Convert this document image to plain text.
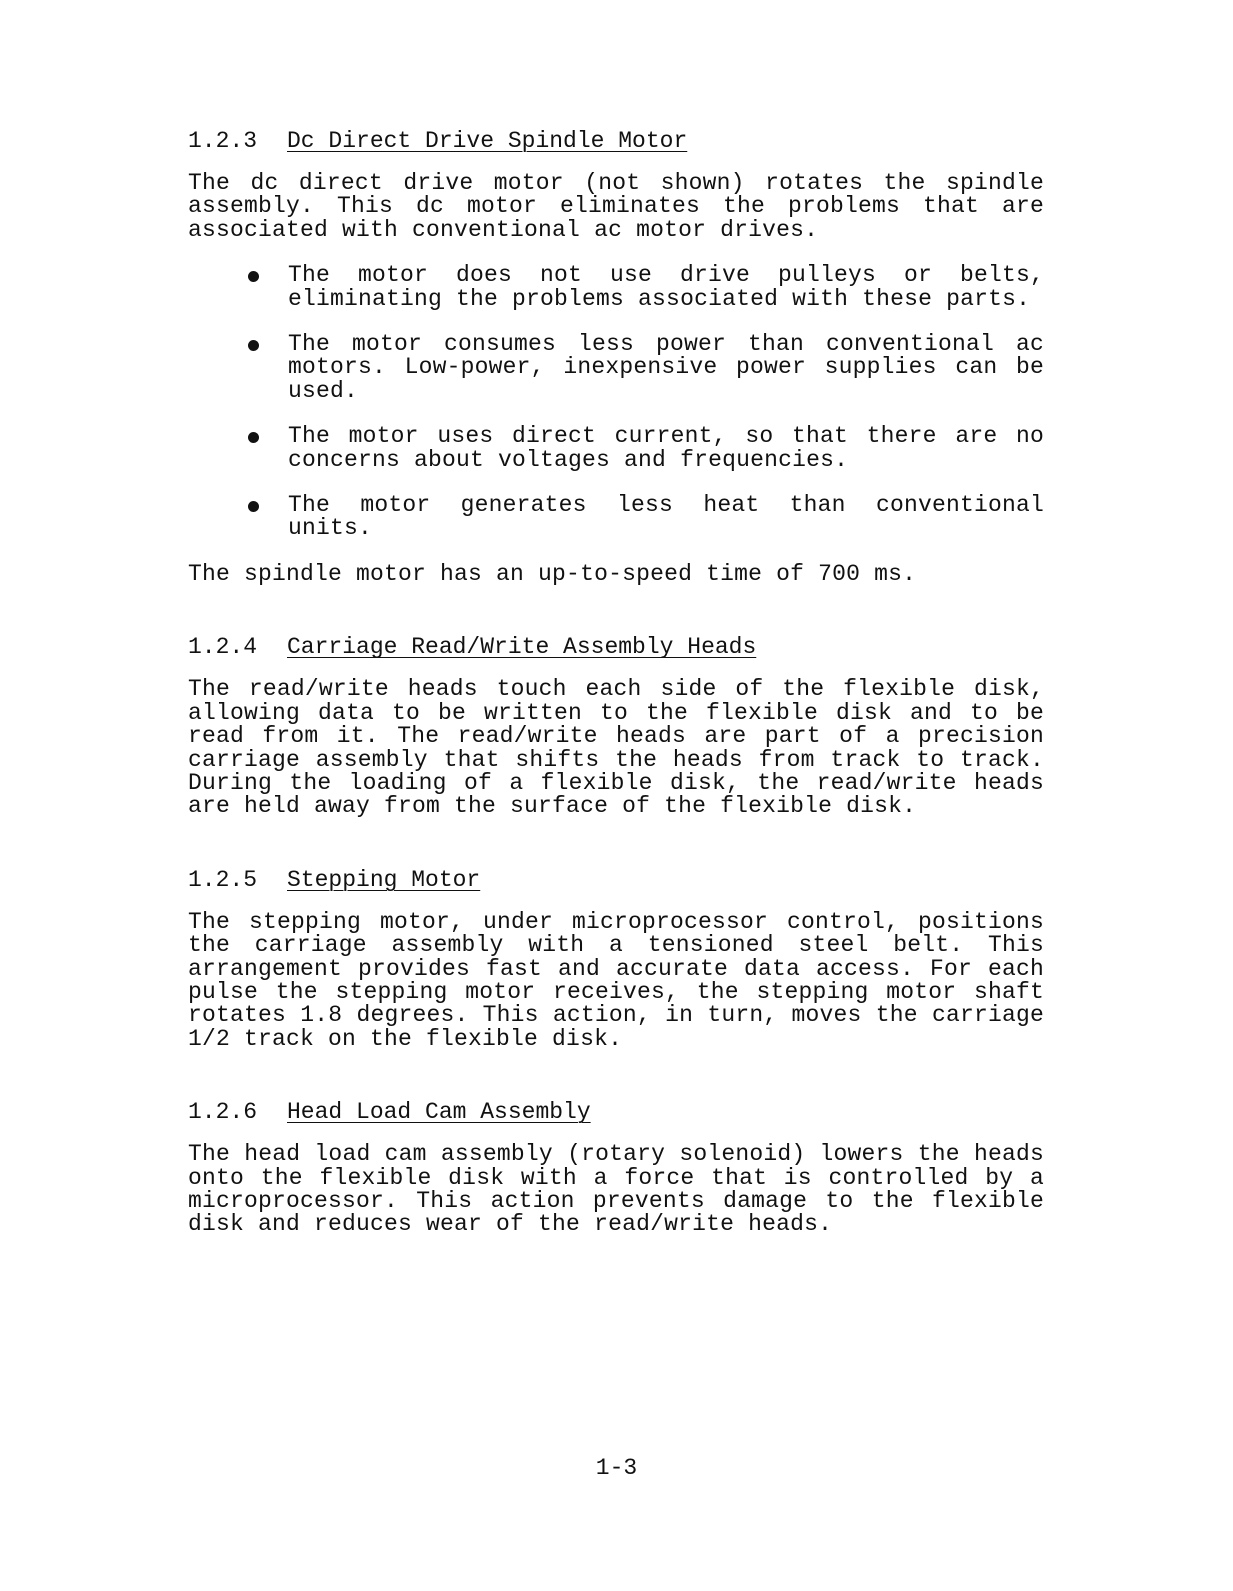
1.2.3 Dc Direct Drive Spindle Motor

The dc direct drive motor (not shown) rotates the spindle assembly. This dc motor eliminates the problems that are associated with conventional ac motor drives.

The motor does not use drive pulleys or belts, eliminating the problems associated with these parts.
The motor consumes less power than conventional ac motors. Low-power, inexpensive power supplies can be used.
The motor uses direct current, so that there are no concerns about voltages and frequencies.
The motor generates less heat than conventional units.

The spindle motor has an up-to-speed time of 700 ms.

1.2.4 Carriage Read/Write Assembly Heads

The read/write heads touch each side of the flexible disk, allowing data to be written to the flexible disk and to be read from it. The read/write heads are part of a precision carriage assembly that shifts the heads from track to track. During the loading of a flexible disk, the read/write heads are held away from the surface of the flexible disk.

1.2.5 Stepping Motor

The stepping motor, under microprocessor control, positions the carriage assembly with a tensioned steel belt. This arrangement provides fast and accurate data access. For each pulse the stepping motor receives, the stepping motor shaft rotates 1.8 degrees. This action, in turn, moves the carriage 1/2 track on the flexible disk.

1.2.6 Head Load Cam Assembly

The head load cam assembly (rotary solenoid) lowers the heads onto the flexible disk with a force that is controlled by a microprocessor. This action prevents damage to the flexible disk and reduces wear of the read/write heads.

1-3
